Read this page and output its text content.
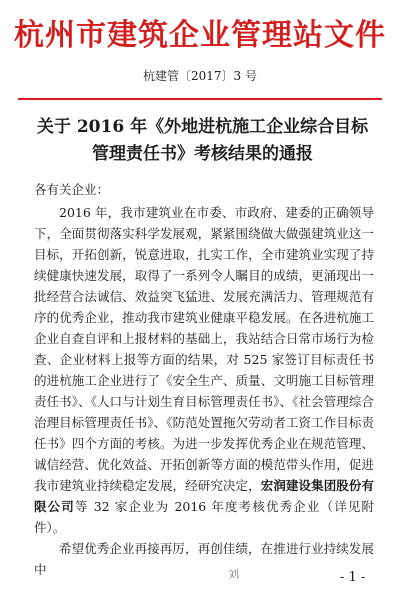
杭州市建筑企业管理站文件
杭建管〔2017〕3 号
关于 2016 年《外地进杭施工企业综合目标管理责任书》考核结果的通报
各有关企业：

2016 年，我市建筑业在市委、市政府、建委的正确领导下，全面贯彻落实科学发展观，紧紧围绕做大做强建筑业这一目标，开拓创新，锐意进取，扎实工作，全市建筑业实现了持续健康快速发展，取得了一系列令人瞩目的成绩，更涌现出一批经营合法诚信、效益突飞猛进、发展充满活力、管理规范有序的优秀企业，推动我市建筑业健康平稳发展。在各进杭施工企业自查自评和上报材料的基础上，我站结合日常市场行为检查、企业材料上报等方面的结果，对 525 家签订目标责任书的进杭施工企业进行了《安全生产、质量、文明施工目标管理责任书》、《人口与计划生育目标管理责任书》、《社会管理综合治理目标管理责任书》、《防范处置拖欠劳动者工资工作目标责任书》四个方面的考核。为进一步发挥优秀企业在规范管理、诚信经营、优化效益、开拓创新等方面的模范带头作用，促进我市建筑业持续稳定发展，经研究决定，宏润建设集团股份有限公司等 32 家企业为 2016 年度考核优秀企业（详见附件）。

希望优秀企业再接再厉，再创佳绩，在推进行业持续发展中	刘	- 1 -
